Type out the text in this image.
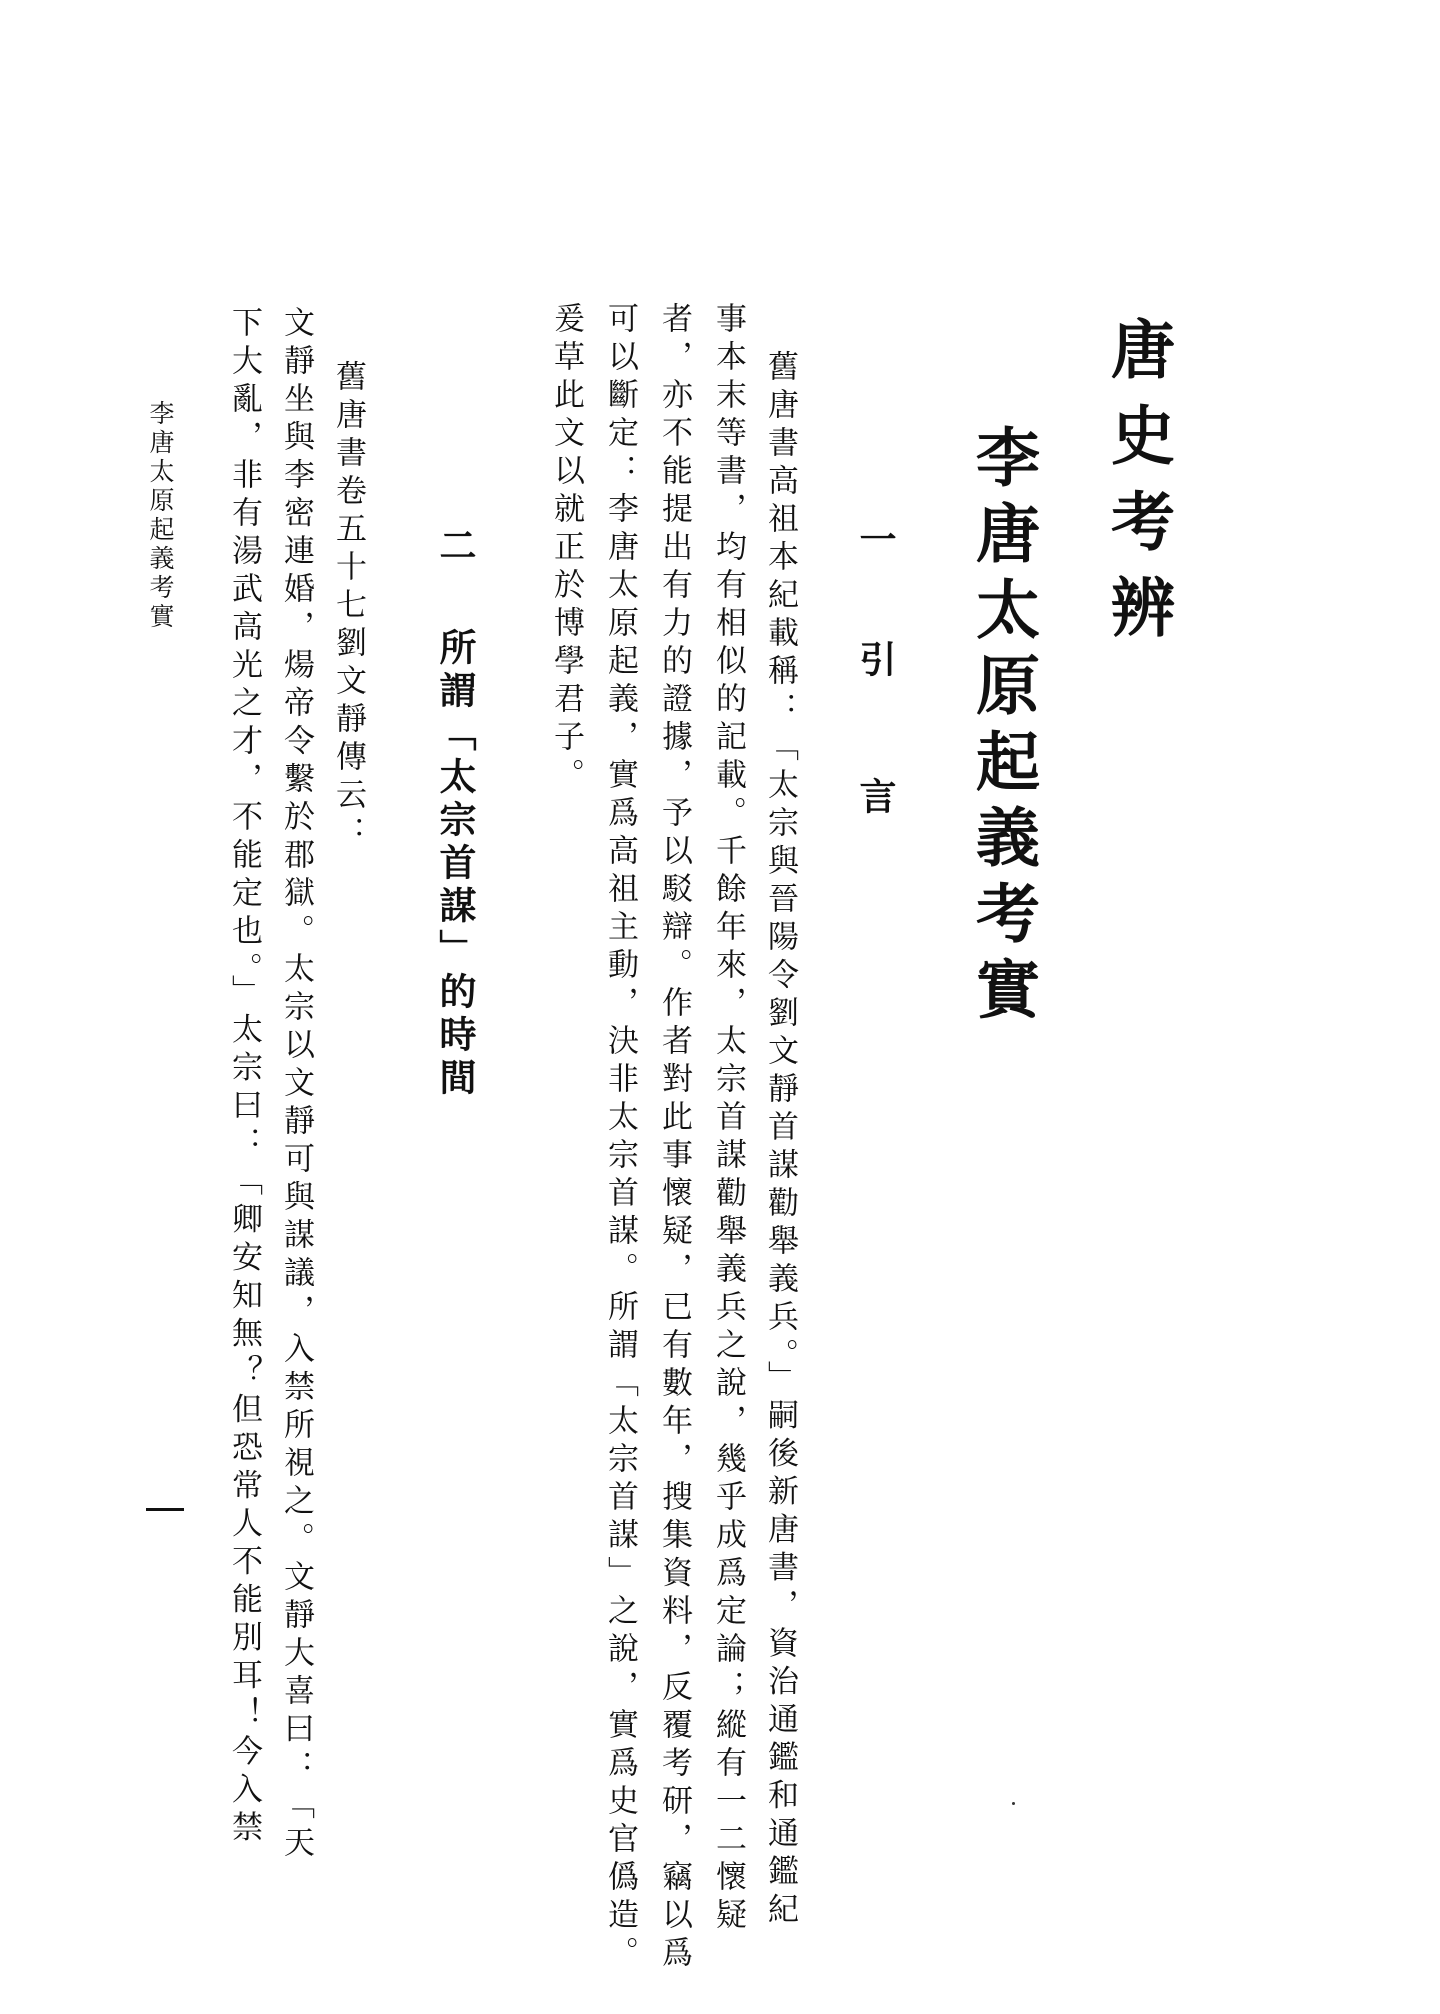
唐史考辨
李唐太原起義考實
一
引言
舊唐書高祖本紀載稱：「太宗與晉陽令劉文靜首謀勸舉義兵。」嗣後新唐書，資治通鑑和通鑑紀
事本末等書，均有相似的記載。千餘年來，太宗首謀勸舉義兵之說，幾乎成爲定論；縱有一二懷疑
者，亦不能提出有力的證據，予以駁辯。作者對此事懷疑，已有數年，搜集資料，反覆考研，竊以爲
可以斷定：李唐太原起義，實爲高祖主動，決非太宗首謀。所謂「太宗首謀」之說，實爲史官僞造。
爰草此文以就正於博學君子。
二
所謂「太宗首謀」的時間
舊唐書卷五十七劉文靜傳云：
文靜坐與李密連婚，煬帝令繫於郡獄。太宗以文靜可與謀議，入禁所視之。文靜大喜曰：「天
下大亂，非有湯武高光之才，不能定也。」太宗曰：「卿安知無？但恐常人不能別耳！今入禁
李唐太原起義考實
